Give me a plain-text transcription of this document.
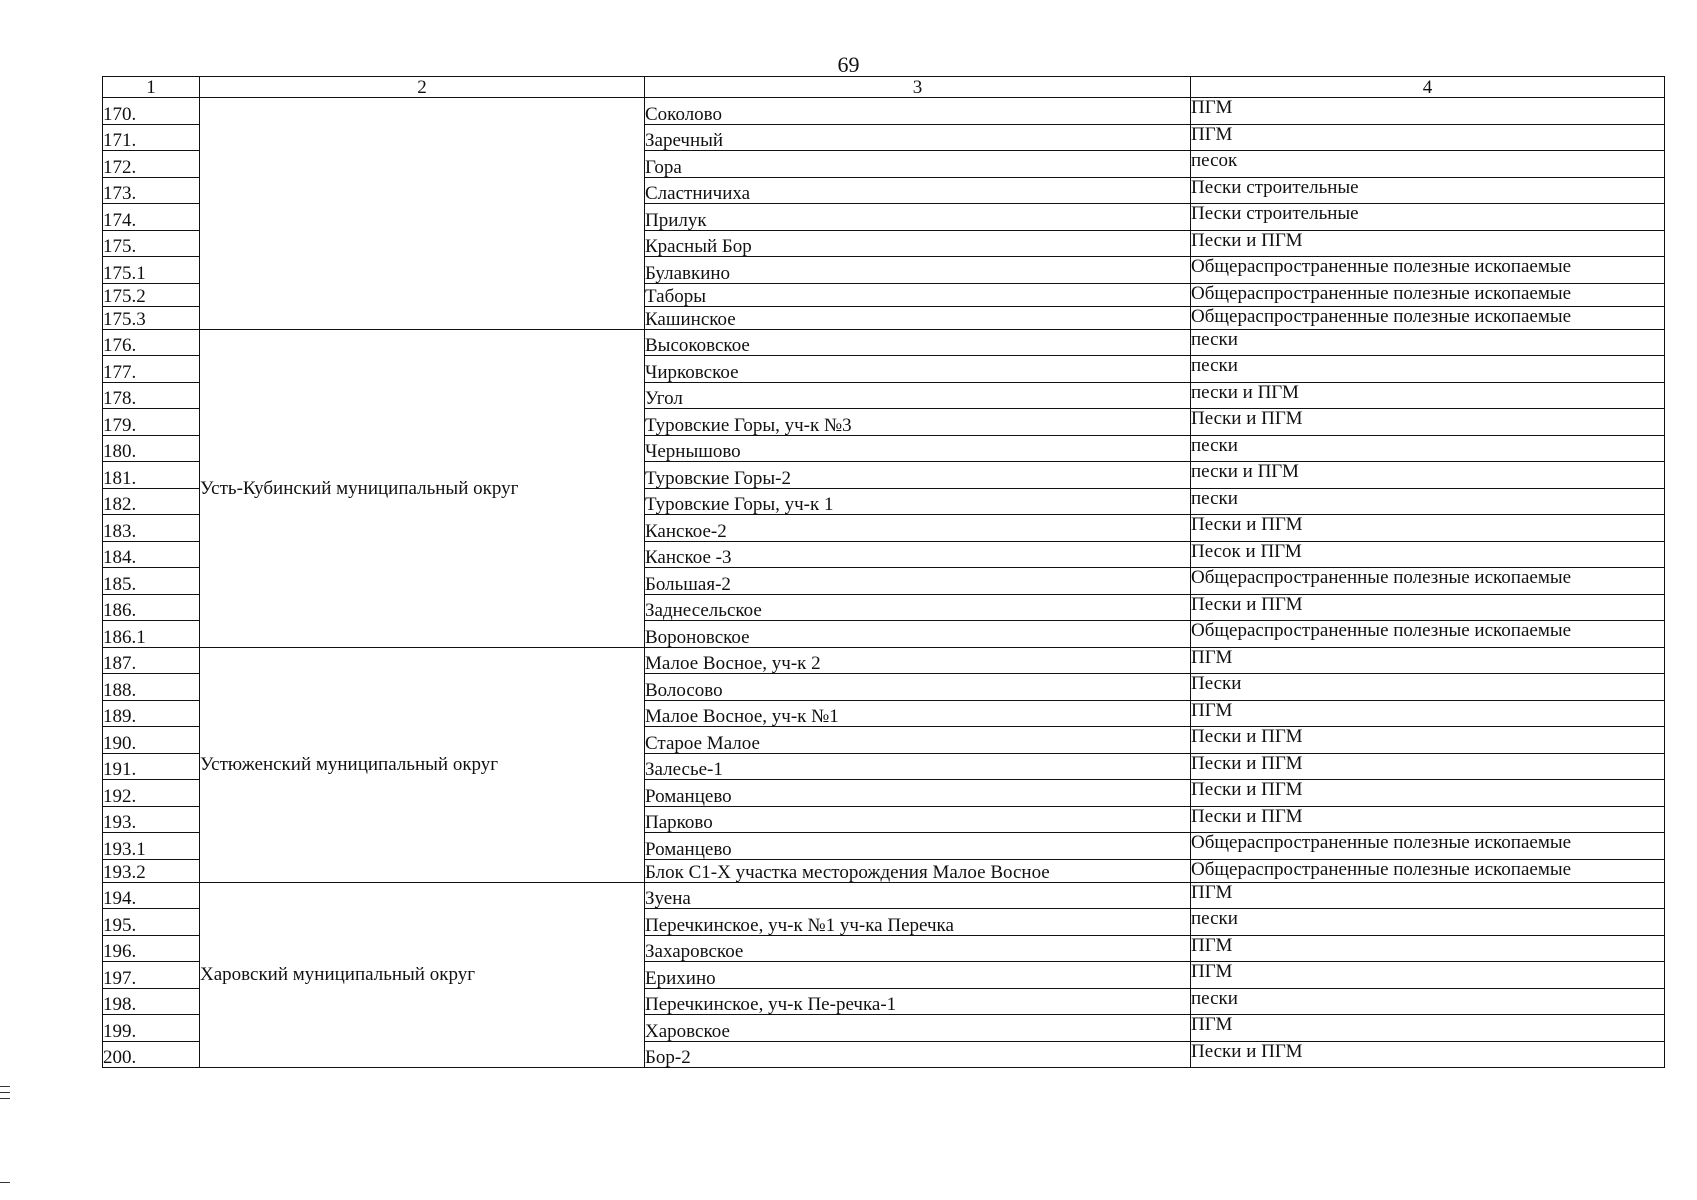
69
1	2	3	4
170.		Соколово	ПГМ
171.		Заречный	ПГМ
172.		Гора	песок
173.		Сластничиха	Пески строительные
174.		Прилук	Пески строительные
175.		Красный Бор	Пески и ПГМ
175.1		Булавкино	Общераспространенные полезные ископаемые
175.2		Таборы	Общераспространенные полезные ископаемые
175.3		Кашинское	Общераспространенные полезные ископаемые
176.	Усть-Кубинский муниципальный округ	Высоковское	пески
177.		Чирковское	пески
178.		Угол	пески и ПГМ
179.		Туровские Горы, уч-к №3	Пески и ПГМ
180.		Чернышово	пески
181.		Туровские Горы-2	пески и ПГМ
182.		Туровские Горы, уч-к 1	пески
183.		Канское-2	Пески и ПГМ
184.		Канское -3	Песок и ПГМ
185.		Большая-2	Общераспространенные полезные ископаемые
186.		Заднесельское	Пески и ПГМ
186.1		Вороновское	Общераспространенные полезные ископаемые
187.	Устюженский муниципальный округ	Малое Восное, уч-к 2	ПГМ
188.		Волосово	Пески
189.		Малое Восное, уч-к №1	ПГМ
190.		Старое Малое	Пески и ПГМ
191.		Залесье-1	Пески и ПГМ
192.		Романцево	Пески и ПГМ
193.		Парково	Пески и ПГМ
193.1		Романцево	Общераспространенные полезные ископаемые
193.2		Блок С1-Х участка месторождения Малое Восное	Общераспространенные полезные ископаемые
194.	Харовский муниципальный округ	Зуена	ПГМ
195.		Перечкинское, уч-к №1 уч-ка Перечка	пески
196.		Захаровское	ПГМ
197.		Ерихино	ПГМ
198.		Перечкинское, уч-к Пе-речка-1	пески
199.		Харовское	ПГМ
200.		Бор-2	Пески и ПГМ
